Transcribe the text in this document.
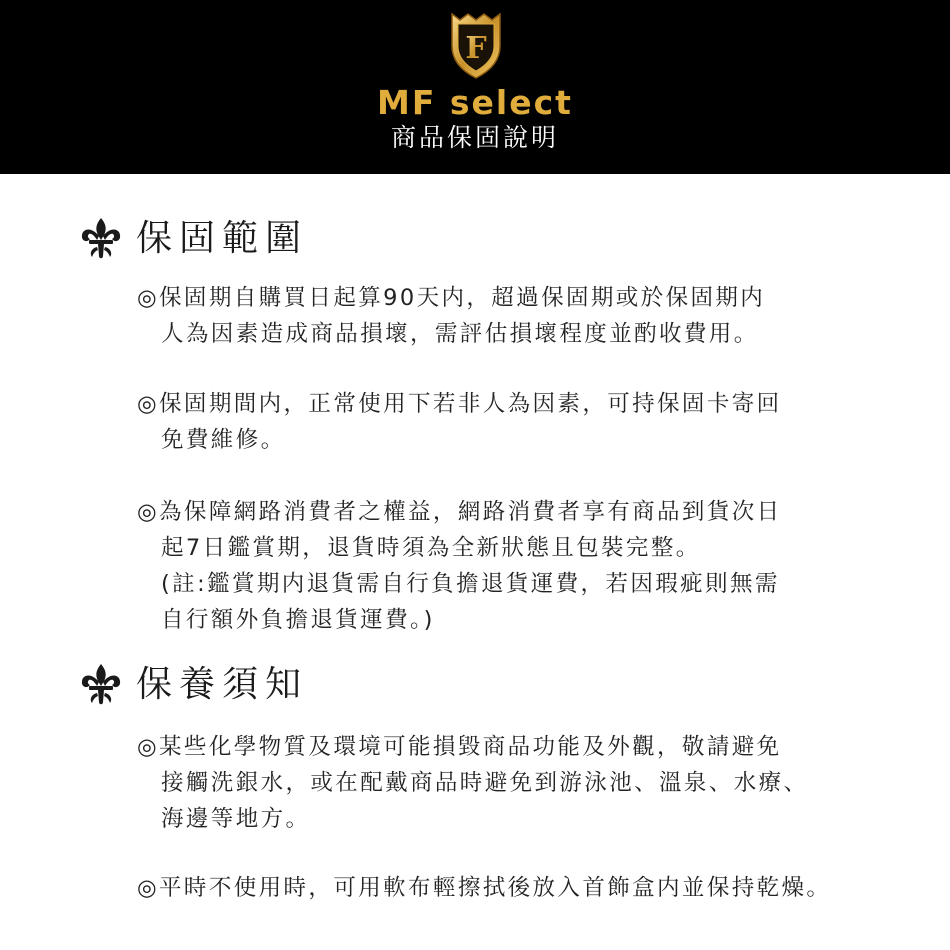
F
MF select
商品保固說明
保固範圍
◎保固期自購買日起算90天内，超過保固期或於保固期内
人為因素造成商品損壞，需評估損壞程度並酌收費用。
◎保固期間内，正常使用下若非人為因素，可持保固卡寄回
免費維修。
◎為保障網路消費者之權益，網路消費者享有商品到貨次日
起7日鑑賞期，退貨時須為全新狀態且包裝完整。
(註:鑑賞期内退貨需自行負擔退貨運費，若因瑕疵則無需
自行額外負擔退貨運費。)
保養須知
◎某些化學物質及環境可能損毀商品功能及外觀，敬請避免
接觸洗銀水，或在配戴商品時避免到游泳池、溫泉、水療、
海邊等地方。
◎平時不使用時，可用軟布輕擦拭後放入首飾盒内並保持乾燥。
